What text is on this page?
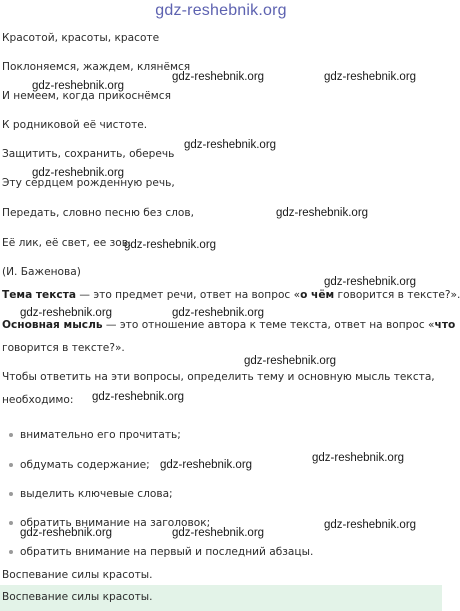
gdz-reshebnik.org
Красотой, красоты, красоте
Поклоняемся, жаждем, клянёмся
И немеем, когда прикоснёмся
К родниковой её чистоте.
Защитить, сохранить, оберечь
Эту сердцем рожденную речь,
Передать, словно песню без слов,
Её лик, её свет, ее зов.
(И. Баженова)
Тема текста — это предмет речи, ответ на вопрос «о чём говорится в тексте?».
Основная мысль — это отношение автора к теме текста, ответ на вопрос «что
говорится в тексте?».
Чтобы ответить на эти вопросы, определить тему и основную мысль текста,
необходимо:
внимательно его прочитать;
обдумать содержание;
выделить ключевые слова;
обратить внимание на заголовок;
обратить внимание на первый и последний абзацы.
Воспевание силы красоты.
Воспевание силы красоты.
gdz-reshebnik.org
gdz-reshebnik.org	gdz-reshebnik.org
gdz-reshebnik.org
gdz-reshebnik.org
gdz-reshebnik.org
gdz-reshebnik.org
gdz-reshebnik.org
gdz-reshebnik.org	gdz-reshebnik.org
gdz-reshebnik.org
gdz-reshebnik.org
gdz-reshebnik.org
gdz-reshebnik.org
gdz-reshebnik.org	gdz-reshebnik.org
gdz-reshebnik.org
